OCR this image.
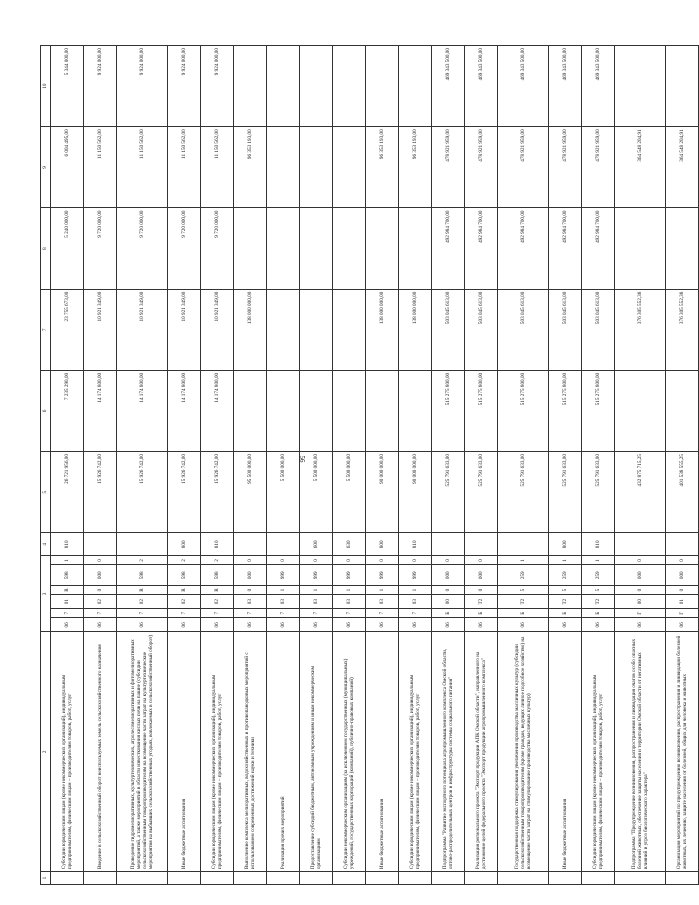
56
1	2	3						4	5	6	7	8	9	10
	Субсидии юридическим лицам (кроме некоммерческих организаций), индивидуальным предпринимателям, физическим лицам – производителям товаров, работ, услуг	06	7	01	R	598	1	810	26 721 956,00	7 235 290,00	23 755 673,00	5 240 000,00	6 004 495,00	5 344 000,00
	Введение в сельскохозяйственный оборот неиспользуемых земель сельскохозяйственного назначения	06	7	02	0	000	0		15 926 742,00	14 174 800,00	10 921 349,00	9 720 000,00	11 150 562,00	9 924 000,00
	Проведение гидромелиоративных, культуртехнических, агролесомелиоративных и фитомелиоративных мероприятий, а также мероприятий в области известкования кислых почв на пашне (субсидии сельскохозяйственным товаропроизводителям на возмещение части затрат на культуртехнические мероприятия на выбывших сельскохозяйственных угодьях, вовлекаемых в сельскохозяйственный оборот)	06	7	02	R	598	2		15 926 742,00	14 174 800,00	10 921 349,00	9 720 000,00	11 150 562,00	9 924 000,00
	Иные бюджетные ассигнования	06	7	02	R	598	2	800	15 926 742,00	14 174 800,00	10 921 349,00	9 720 000,00	11 150 562,00	9 924 000,00
	Субсидии юридическим лицам (кроме некоммерческих организаций), индивидуальным предпринимателям, физическим лицам – производителям товаров, работ, услуг	06	7	02	R	598	2	810	15 926 742,00	14 174 800,00	10 921 349,00	9 720 000,00	11 150 562,00	9 924 000,00
	Выполнение комплекса мелиоративных, водохозяйственных и противопаводковых мероприятий с использованием современных достижений науки и техники	06	7	03	0	000	0		95 500 000,00		138 000 000,00		96 353 193,00	
	Реализация прочих мероприятий	06	7	03	1	999	0		5 500 000,00					
	Предоставление субсидий бюджетным, автономным учреждениям и иным некоммерческим организациям	06	7	03	1	999	0	600	5 500 000,00					
	Субсидии некоммерческим организациям (за исключением государственных (муниципальных) учреждений, государственных корпораций (компаний), публично-правовых компаний)	06	7	03	1	999	0	630	5 500 000,00					
	Иные бюджетные ассигнования	06	7	03	1	999	0	800	90 000 000,00		138 000 000,00		96 353 193,00	
	Субсидии юридическим лицам (кроме некоммерческих организаций), индивидуальным предпринимателям, физическим лицам – производителям товаров, работ, услуг	06	7	03	1	999	0	810	90 000 000,00		138 000 000,00		96 353 193,00	
	Подпрограмма "Развитие экспортного потенциала агропромышленного комплекса Омской области, оптово-распределительных центров и инфраструктуры системы социального питания"	06	Б	00	0	000	0		525 791 633,00	515 275 800,00	503 045 613,00	492 984 700,00	478 921 959,00	469 343 500,00
	Реализация регионального проекта "Экспорт продукции АПК Омской области", направленного на достижение целей федерального проекта "Экспорт продукции агропромышленного комплекса"	06	Б	Т2	0	000	0		525 791 633,00	515 275 800,00	503 045 613,00	492 984 700,00	478 921 959,00	469 343 500,00
	Государственная поддержка стимулирования увеличения производства масличных культур (субсидии сельскохозяйственным товаропроизводителям (кроме граждан, ведущих личное подсобное хозяйство) на возмещение части затрат на стимулирование производства масличных культур)	06	Б	Т2	5	259	1		525 791 633,00	515 275 800,00	503 045 613,00	492 984 700,00	478 921 959,00	469 343 500,00
	Иные бюджетные ассигнования	06	Б	Т2	5	259	1	800	525 791 633,00	515 275 800,00	503 045 613,00	492 984 700,00	478 921 959,00	469 343 500,00
	Субсидии юридическим лицам (кроме некоммерческих организаций), индивидуальным предпринимателям, физическим лицам – производителям товаров, работ, услуг	06	Б	Т2	5	259	1	810	525 791 633,00	515 275 800,00	503 045 613,00	492 984 700,00	478 921 959,00	469 343 500,00
	Подпрограмма "Предупреждение возникновения, распространения и ликвидация очагов особо опасных болезней животных, обеспечение защиты населения и территории Омской области от негативных влияний и угроз биологического характера"	06	Г	00	0	000	0		432 875 715,25		376 305 552,38		364 548 204,91	
	Организация мероприятий по предупреждению возникновения, распространения и ликвидации болезней животных, их лечению, защите населения от болезней, общих для человека и животных	06	Г	01	0	000	0		401 538 555,25		376 305 552,38		364 548 204,91	
